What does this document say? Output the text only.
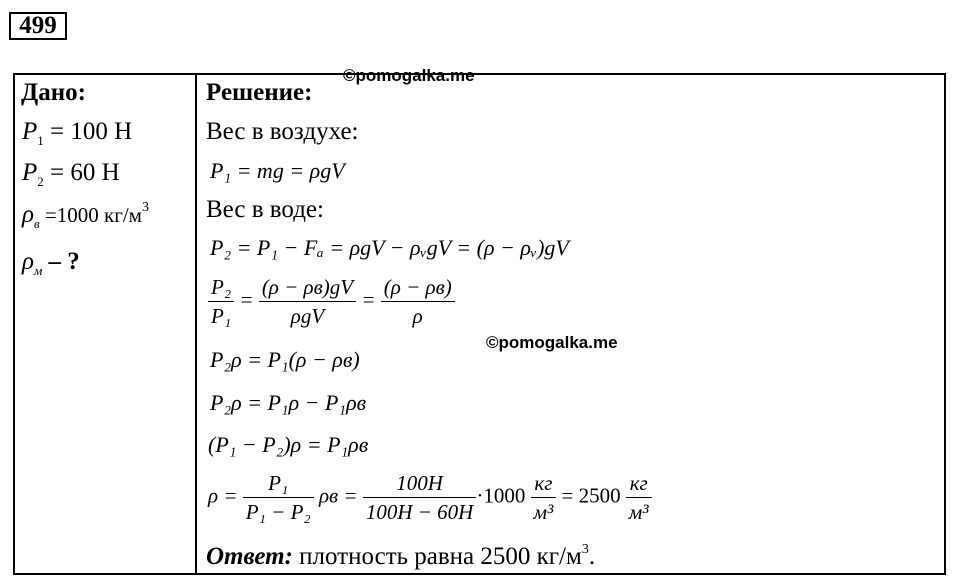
499
©pomogalka.me
©pomogalka.me
Дано:
$P_1 = 100$ Н
$P_2 = 60$ Н
$\rho_в =1000$ $кг/м^3$
$\rho_м$ – ?
Решение:
Вес в воздухе:
P₁ = mg = ρgV
Вес в воде:
P₂ = P₁ − Fₐ = ρgV − ρᵥgV = (ρ − ρᵥ)gV
$\frac{\text{P₂}}{\text{P₁}} = \frac{(\rho - \rho в)gV}{\text{ρgV}} = \frac{(\rho - \rho в)}{\rho}$
P₂ρ = P₁(ρ − ρв)
P₂ρ = P₁ρ − P₁ρв
(P₁ − P₂)ρ = P₁ρв
$\rho = \frac{\text{P₁}}{\text{P₁ − P₂}}$ $\rho в = \frac{100H}{100H - 60H} \cdot 1000 \frac{кг}{\text{м³}} = 2500 \frac{кг}{\text{м³}}$
Ответ: плотность равна 2500 $кг/м^3$.
